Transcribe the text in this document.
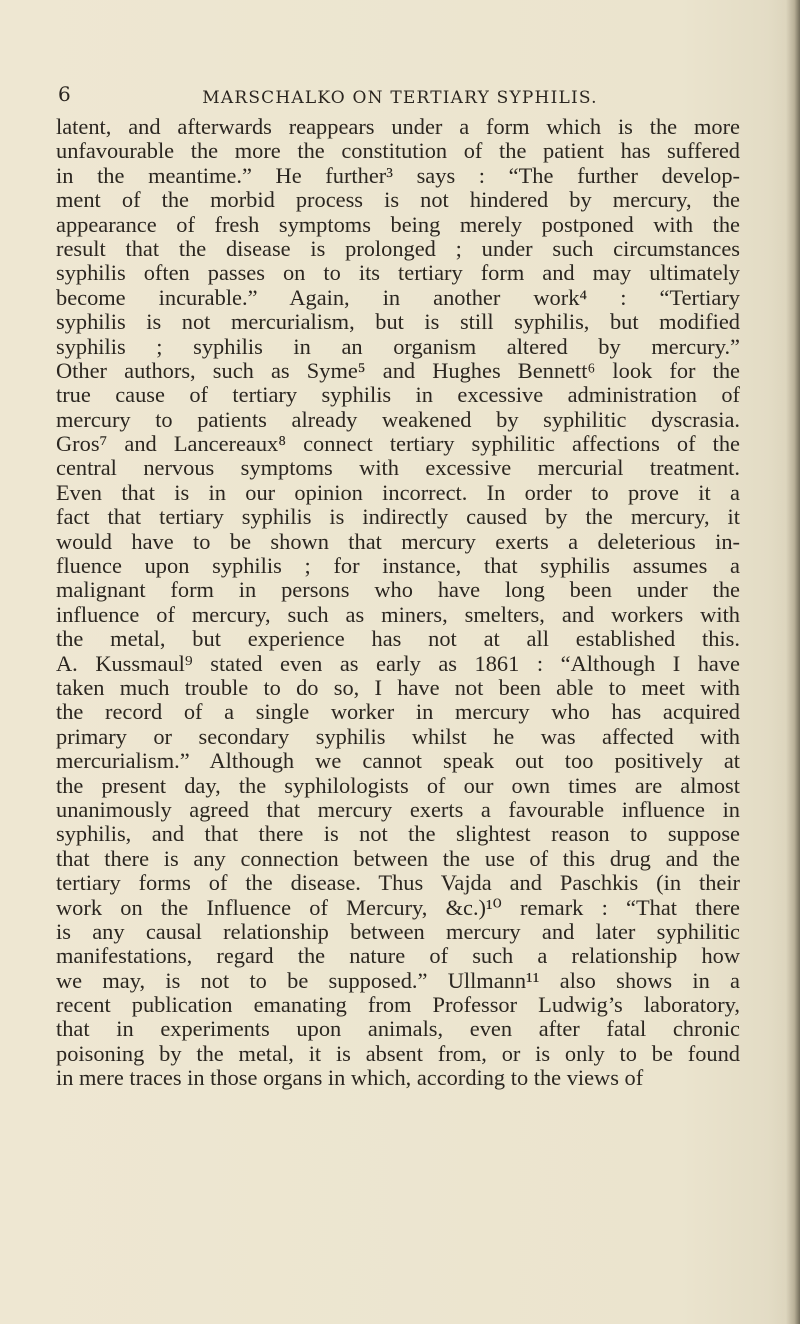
6	MARSCHALKO ON TERTIARY SYPHILIS.
latent, and afterwards reappears under a form which is the more
unfavourable the more the constitution of the patient has suffered
in the meantime.” He further³ says : “The further develop-
ment of the morbid process is not hindered by mercury, the
appearance of fresh symptoms being merely postponed with the
result that the disease is prolonged ; under such circumstances
syphilis often passes on to its tertiary form and may ultimately
become incurable.” Again, in another work⁴ : “Tertiary
syphilis is not mercurialism, but is still syphilis, but modified
syphilis ; syphilis in an organism altered by mercury.”
Other authors, such as Syme⁵ and Hughes Bennett⁶ look for the
true cause of tertiary syphilis in excessive administration of
mercury to patients already weakened by syphilitic dyscrasia.
Gros⁷ and Lancereaux⁸ connect tertiary syphilitic affections of the
central nervous symptoms with excessive mercurial treatment.
Even that is in our opinion incorrect. In order to prove it a
fact that tertiary syphilis is indirectly caused by the mercury, it
would have to be shown that mercury exerts a deleterious in-
fluence upon syphilis ; for instance, that syphilis assumes a
malignant form in persons who have long been under the
influence of mercury, such as miners, smelters, and workers with
the metal, but experience has not at all established this.
A. Kussmaul⁹ stated even as early as 1861 : “Although I have
taken much trouble to do so, I have not been able to meet with
the record of a single worker in mercury who has acquired
primary or secondary syphilis whilst he was affected with
mercurialism.” Although we cannot speak out too positively at
the present day, the syphilologists of our own times are almost
unanimously agreed that mercury exerts a favourable influence in
syphilis, and that there is not the slightest reason to suppose
that there is any connection between the use of this drug and the
tertiary forms of the disease. Thus Vajda and Paschkis (in their
work on the Influence of Mercury, &c.)¹⁰ remark : “That there
is any causal relationship between mercury and later syphilitic
manifestations, regard the nature of such a relationship how
we may, is not to be supposed.” Ullmann¹¹ also shows in a
recent publication emanating from Professor Ludwig’s laboratory,
that in experiments upon animals, even after fatal chronic
poisoning by the metal, it is absent from, or is only to be found
in mere traces in those organs in which, according to the views of
